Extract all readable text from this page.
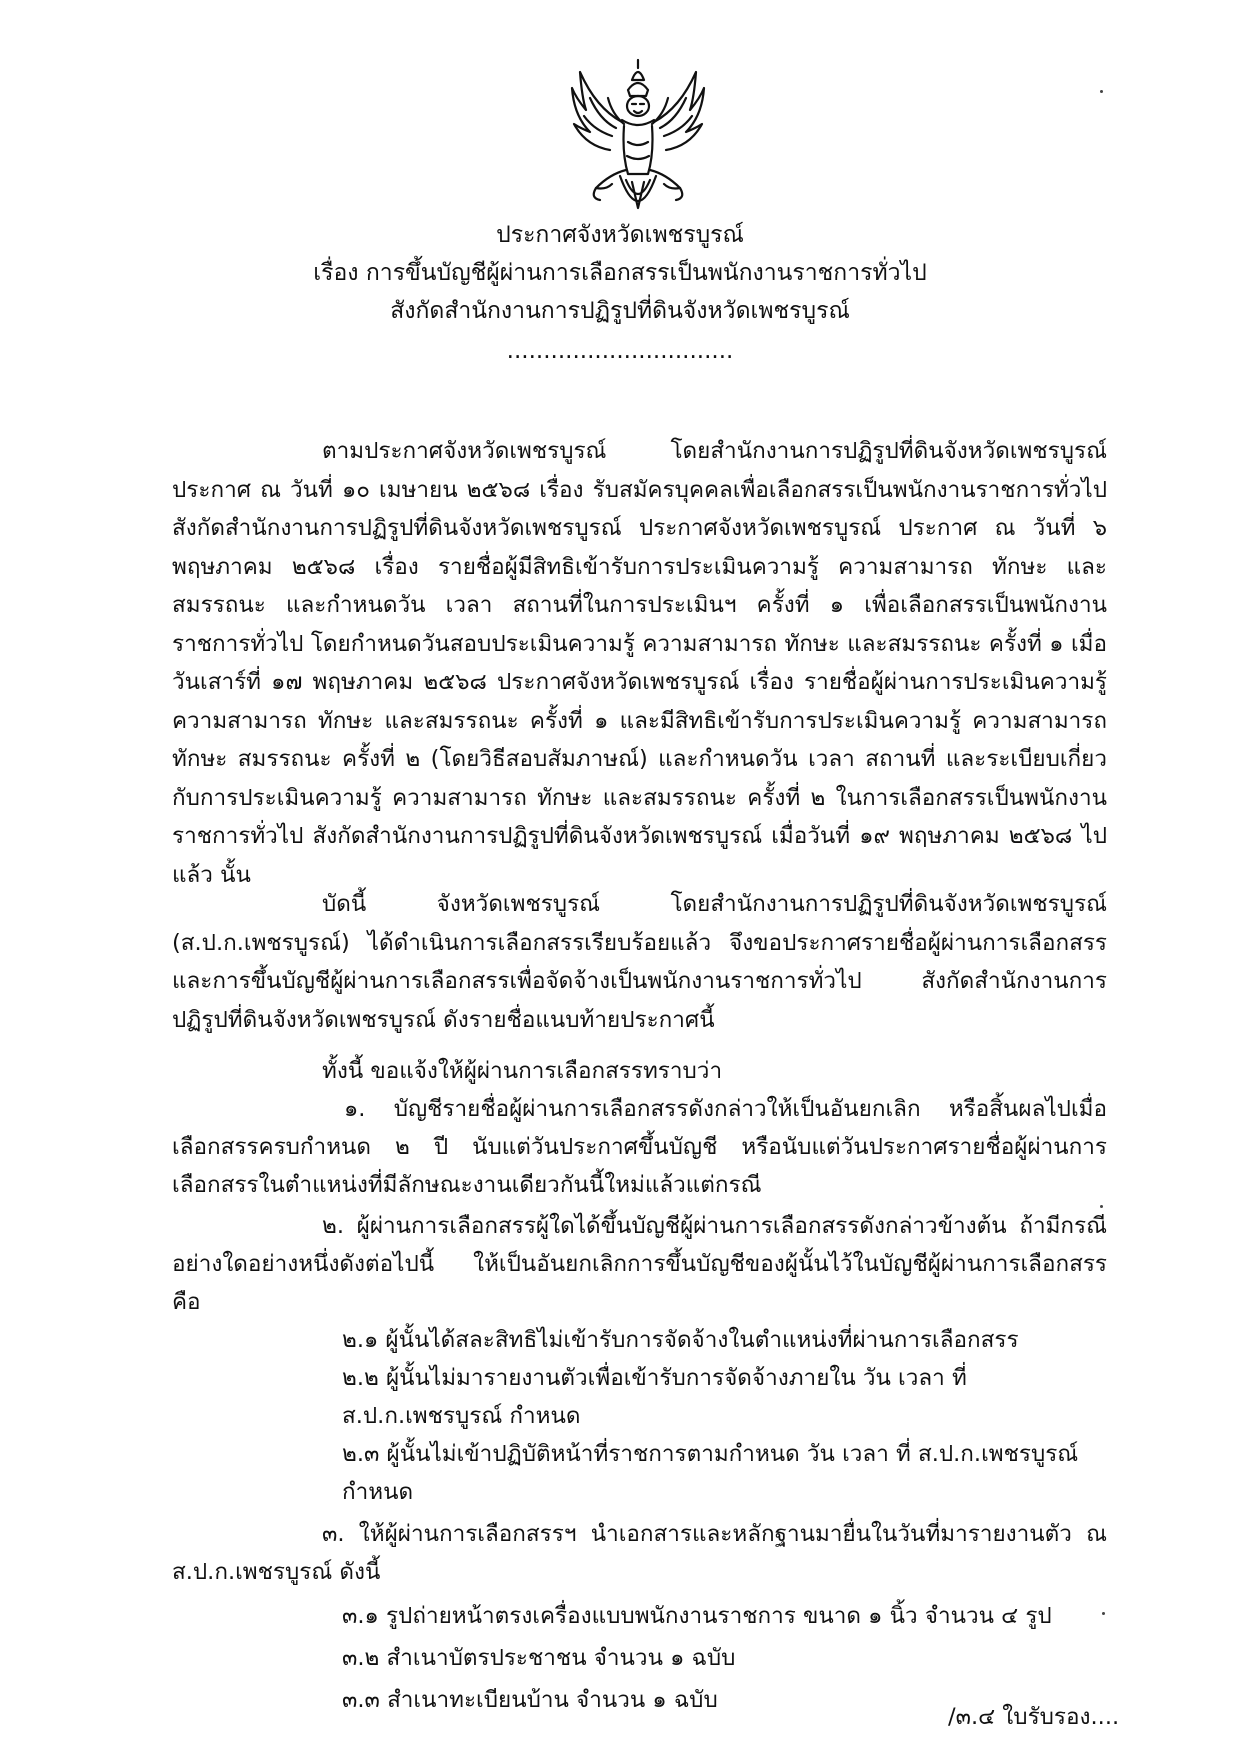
ประกาศจังหวัดเพชรบูรณ์
เรื่อง การขึ้นบัญชีผู้ผ่านการเลือกสรรเป็นพนักงานราชการทั่วไป
สังกัดสำนักงานการปฏิรูปที่ดินจังหวัดเพชรบูรณ์
...............................
ตามประกาศจังหวัดเพชรบูรณ์ โดยสำนักงานการปฏิรูปที่ดินจังหวัดเพชรบูรณ์ ประกาศ ณ วันที่ ๑๐ เมษายน ๒๕๖๘ เรื่อง รับสมัครบุคคลเพื่อเลือกสรรเป็นพนักงานราชการทั่วไป สังกัดสำนักงานการปฏิรูปที่ดินจังหวัดเพชรบูรณ์ ประกาศจังหวัดเพชรบูรณ์ ประกาศ ณ วันที่ ๖ พฤษภาคม ๒๕๖๘ เรื่อง รายชื่อผู้มีสิทธิเข้ารับการประเมินความรู้ ความสามารถ ทักษะ และสมรรถนะ และกำหนดวัน เวลา สถานที่ในการประเมินฯ ครั้งที่ ๑ เพื่อเลือกสรรเป็นพนักงานราชการทั่วไป โดยกำหนดวันสอบประเมินความรู้ ความสามารถ ทักษะ และสมรรถนะ ครั้งที่ ๑ เมื่อวันเสาร์ที่ ๑๗ พฤษภาคม ๒๕๖๘ ประกาศจังหวัดเพชรบูรณ์ เรื่อง รายชื่อผู้ผ่านการประเมินความรู้ ความสามารถ ทักษะ และสมรรถนะ ครั้งที่ ๑ และมีสิทธิเข้ารับการประเมินความรู้ ความสามารถ ทักษะ สมรรถนะ ครั้งที่ ๒ (โดยวิธีสอบสัมภาษณ์) และกำหนดวัน เวลา สถานที่ และระเบียบเกี่ยวกับการประเมินความรู้ ความสามารถ ทักษะ และสมรรถนะ ครั้งที่ ๒ ในการเลือกสรรเป็นพนักงานราชการทั่วไป สังกัดสำนักงานการปฏิรูปที่ดินจังหวัดเพชรบูรณ์ เมื่อวันที่ ๑๙ พฤษภาคม ๒๕๖๘ ไปแล้ว นั้น
บัดนี้ จังหวัดเพชรบูรณ์ โดยสำนักงานการปฏิรูปที่ดินจังหวัดเพชรบูรณ์ (ส.ป.ก.เพชรบูรณ์) ได้ดำเนินการเลือกสรรเรียบร้อยแล้ว จึงขอประกาศรายชื่อผู้ผ่านการเลือกสรรและการขึ้นบัญชีผู้ผ่านการเลือกสรรเพื่อจัดจ้างเป็นพนักงานราชการทั่วไป สังกัดสำนักงานการปฏิรูปที่ดินจังหวัดเพชรบูรณ์ ดังรายชื่อแนบท้ายประกาศนี้
ทั้งนี้ ขอแจ้งให้ผู้ผ่านการเลือกสรรทราบว่า
๑. บัญชีรายชื่อผู้ผ่านการเลือกสรรดังกล่าวให้เป็นอันยกเลิก หรือสิ้นผลไปเมื่อเลือกสรรครบกำหนด ๒ ปี นับแต่วันประกาศขึ้นบัญชี หรือนับแต่วันประกาศรายชื่อผู้ผ่านการเลือกสรรในตำแหน่งที่มีลักษณะงานเดียวกันนี้ใหม่แล้วแต่กรณี
๒. ผู้ผ่านการเลือกสรรผู้ใดได้ขึ้นบัญชีผู้ผ่านการเลือกสรรดังกล่าวข้างต้น ถ้ามีกรณีอย่างใดอย่างหนึ่งดังต่อไปนี้ ให้เป็นอันยกเลิกการขึ้นบัญชีของผู้นั้นไว้ในบัญชีผู้ผ่านการเลือกสรร คือ
๒.๑ ผู้นั้นได้สละสิทธิไม่เข้ารับการจัดจ้างในตำแหน่งที่ผ่านการเลือกสรร
๒.๒ ผู้นั้นไม่มารายงานตัวเพื่อเข้ารับการจัดจ้างภายใน วัน เวลา ที่ ส.ป.ก.เพชรบูรณ์ กำหนด
๒.๓ ผู้นั้นไม่เข้าปฏิบัติหน้าที่ราชการตามกำหนด วัน เวลา ที่ ส.ป.ก.เพชรบูรณ์ กำหนด
๓. ให้ผู้ผ่านการเลือกสรรฯ นำเอกสารและหลักฐานมายื่นในวันที่มารายงานตัว ณ ส.ป.ก.เพชรบูรณ์ ดังนี้
๓.๑ รูปถ่ายหน้าตรงเครื่องแบบพนักงานราชการ ขนาด ๑ นิ้ว จำนวน ๔ รูป
๓.๒ สำเนาบัตรประชาชน จำนวน ๑ ฉบับ
๓.๓ สำเนาทะเบียนบ้าน จำนวน ๑ ฉบับ
/๓.๔ ใบรับรอง....
